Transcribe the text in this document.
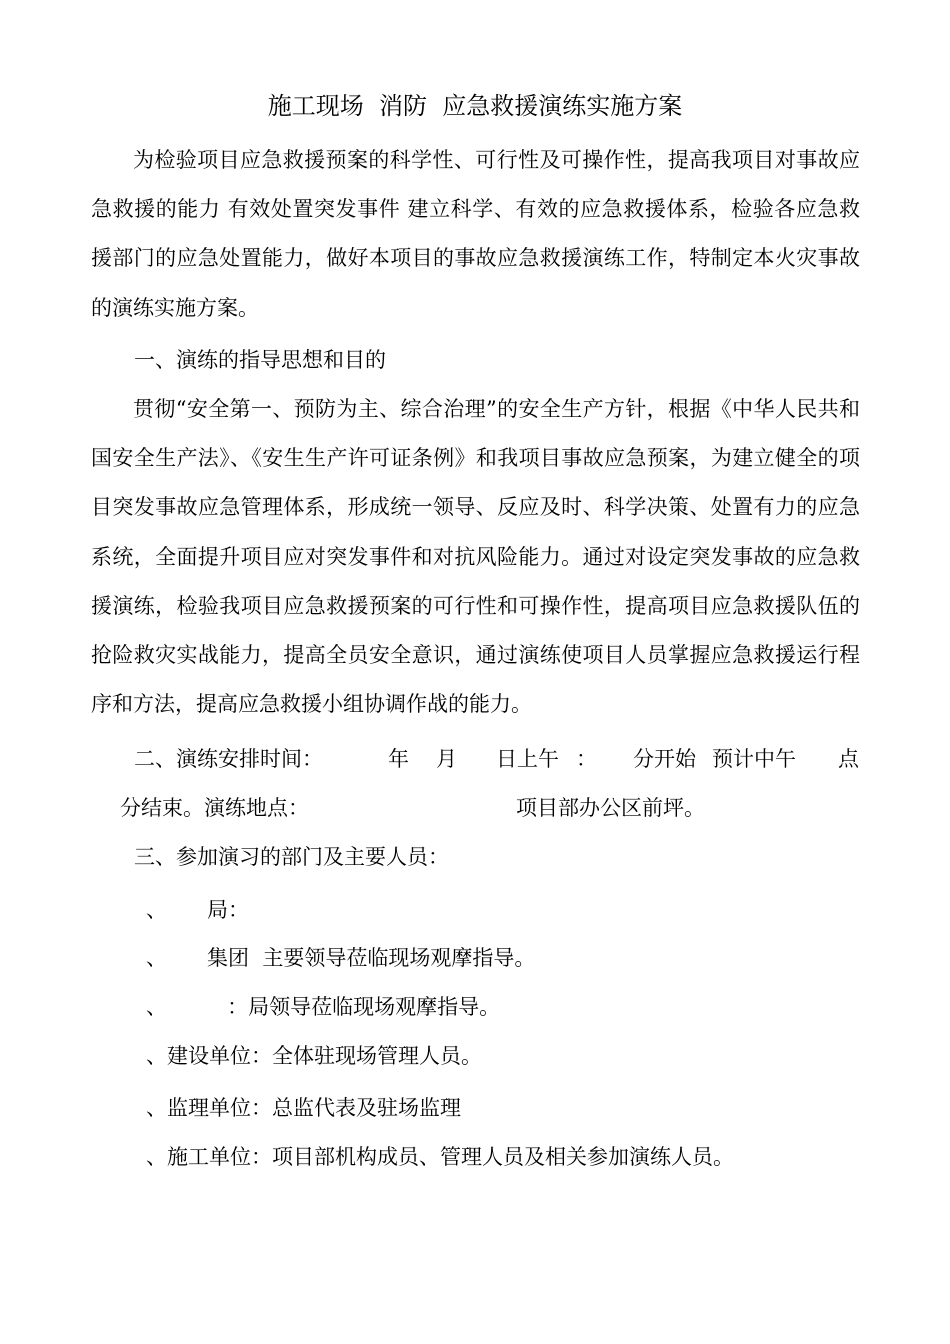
施工现场  消防  应急救援演练实施方案

为检验项目应急救援预案的科学性、可行性及可操作性，提高我项目对事故应急救援的能力 有效处置突发事件 建立科学、有效的应急救援体系，检验各应急救援部门的应急处置能力，做好本项目的事故应急救援演练工作，特制定本火灾事故的演练实施方案。

一、演练的指导思想和目的

贯彻“安全第一、预防为主、综合治理”的安全生产方针，根据《中华人民共和国安全生产法》、《安生生产许可证条例》和我项目事故应急预案，为建立健全的项目突发事故应急管理体系，形成统一领导、反应及时、科学决策、处置有力的应急系统，全面提升项目应对突发事件和对抗风险能力。通过对设定突发事故的应急救援演练，检验我项目应急救援预案的可行性和可操作性，提高项目应急救援队伍的抢险救灾实战能力，提高全员安全意识，通过演练使项目人员掌握应急救援运行程序和方法，提高应急救援小组协调作战的能力。

二、演练安排时间：	年 月 日上午 ： 分开始 预计中午 点
分结束。演练地点：	项目部办公区前坪。

三、参加演习的部门及主要人员：

、      局：

、      集团  主要领导莅临现场观摩指导。

、         ：局领导莅临现场观摩指导。

、建设单位：全体驻现场管理人员。

、监理单位：总监代表及驻场监理

、施工单位：项目部机构成员、管理人员及相关参加演练人员。
